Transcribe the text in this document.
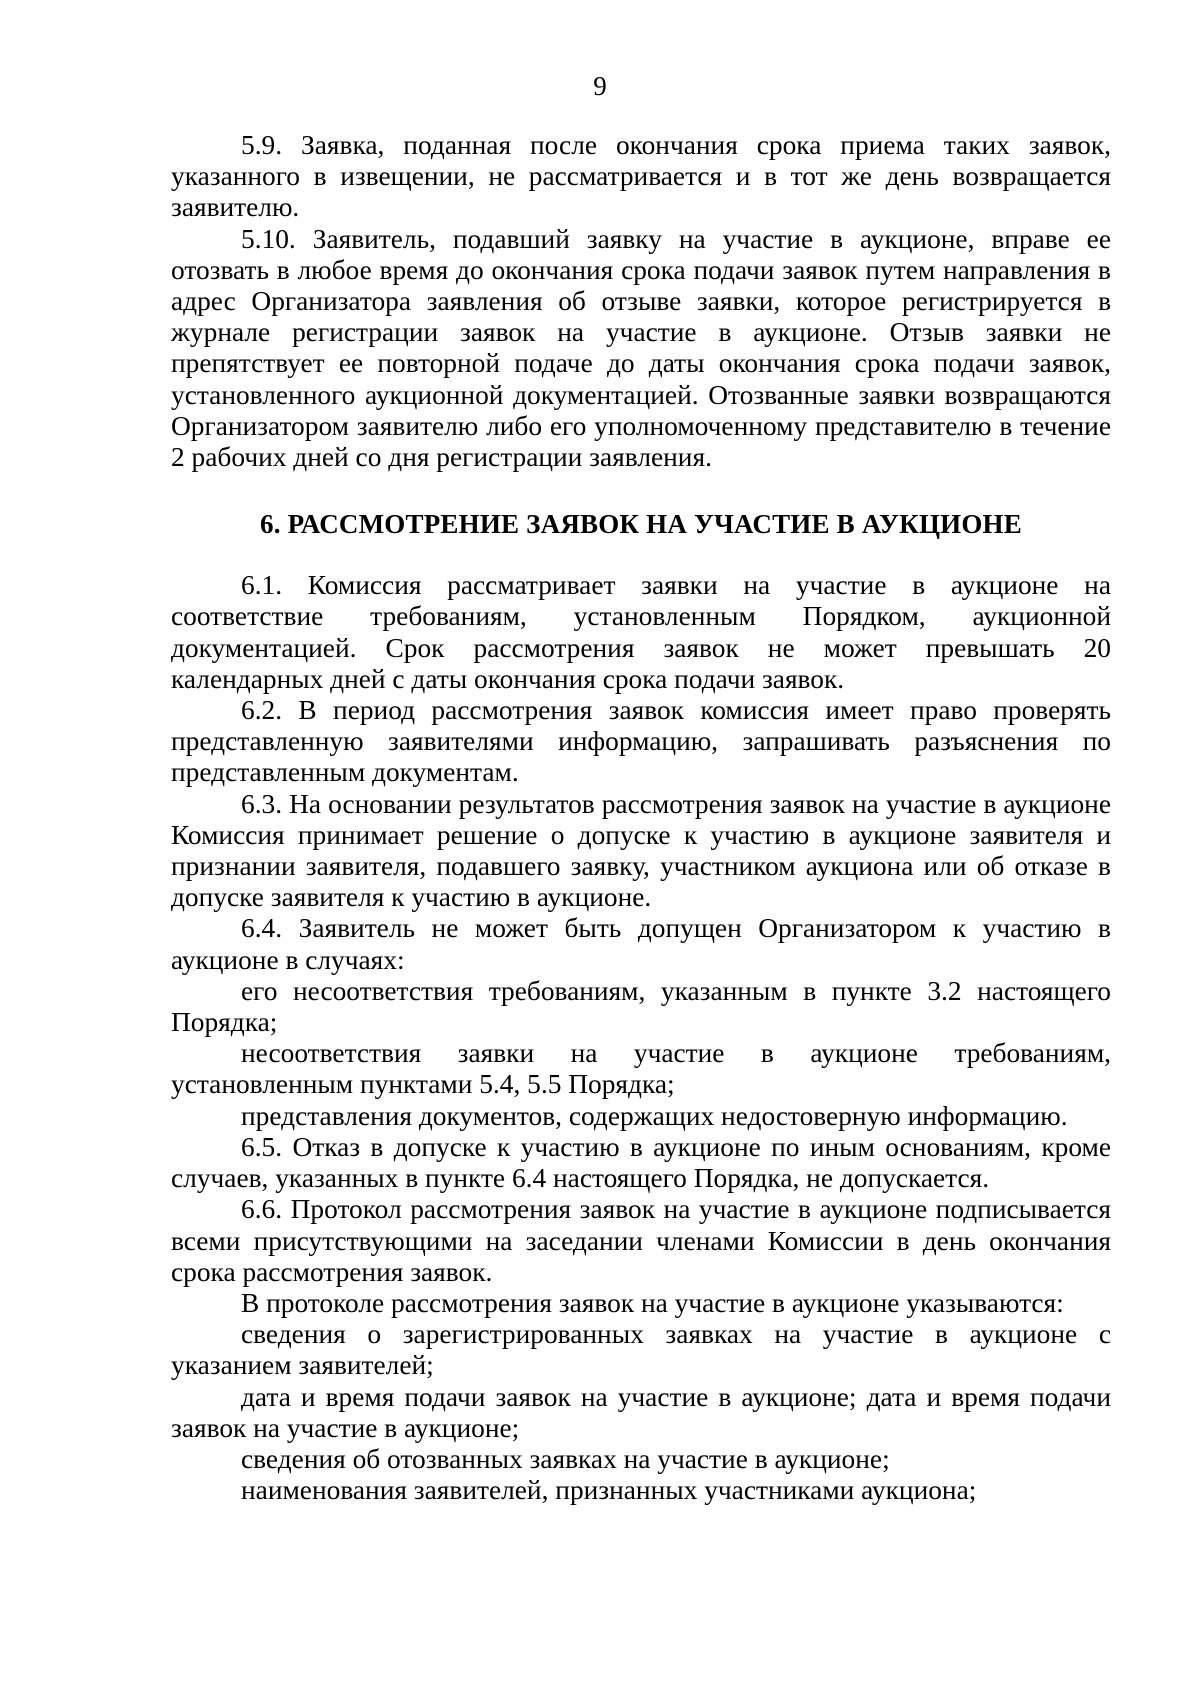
9

5.9. Заявка, поданная после окончания срока приема таких заявок, указанного в извещении, не рассматривается и в тот же день возвращается заявителю.

5.10. Заявитель, подавший заявку на участие в аукционе, вправе ее отозвать в любое время до окончания срока подачи заявок путем направления в адрес Организатора заявления об отзыве заявки, которое регистрируется в журнале регистрации заявок на участие в аукционе. Отзыв заявки не препятствует ее повторной подаче до даты окончания срока подачи заявок, установленного аукционной документацией. Отозванные заявки возвращаются Организатором заявителю либо его уполномоченному представителю в течение 2 рабочих дней со дня регистрации заявления.

6. РАССМОТРЕНИЕ ЗАЯВОК НА УЧАСТИЕ В АУКЦИОНЕ

6.1. Комиссия рассматривает заявки на участие в аукционе на соответствие требованиям, установленным Порядком, аукционной документацией. Срок рассмотрения заявок не может превышать 20 календарных дней с даты окончания срока подачи заявок.

6.2. В период рассмотрения заявок комиссия имеет право проверять представленную заявителями информацию, запрашивать разъяснения по представленным документам.

6.3. На основании результатов рассмотрения заявок на участие в аукционе Комиссия принимает решение о допуске к участию в аукционе заявителя и признании заявителя, подавшего заявку, участником аукциона или об отказе в допуске заявителя к участию в аукционе.

6.4. Заявитель не может быть допущен Организатором к участию в аукционе в случаях:

его несоответствия требованиям, указанным в пункте 3.2 настоящего Порядка;

несоответствия заявки на участие в аукционе требованиям, установленным пунктами 5.4, 5.5 Порядка;

представления документов, содержащих недостоверную информацию.

6.5. Отказ в допуске к участию в аукционе по иным основаниям, кроме случаев, указанных в пункте 6.4 настоящего Порядка, не допускается.

6.6. Протокол рассмотрения заявок на участие в аукционе подписывается всеми присутствующими на заседании членами Комиссии в день окончания срока рассмотрения заявок.

В протоколе рассмотрения заявок на участие в аукционе указываются:

сведения о зарегистрированных заявках на участие в аукционе с указанием заявителей;

дата и время подачи заявок на участие в аукционе; дата и время подачи заявок на участие в аукционе;

сведения об отозванных заявках на участие в аукционе;

наименования заявителей, признанных участниками аукциона;
